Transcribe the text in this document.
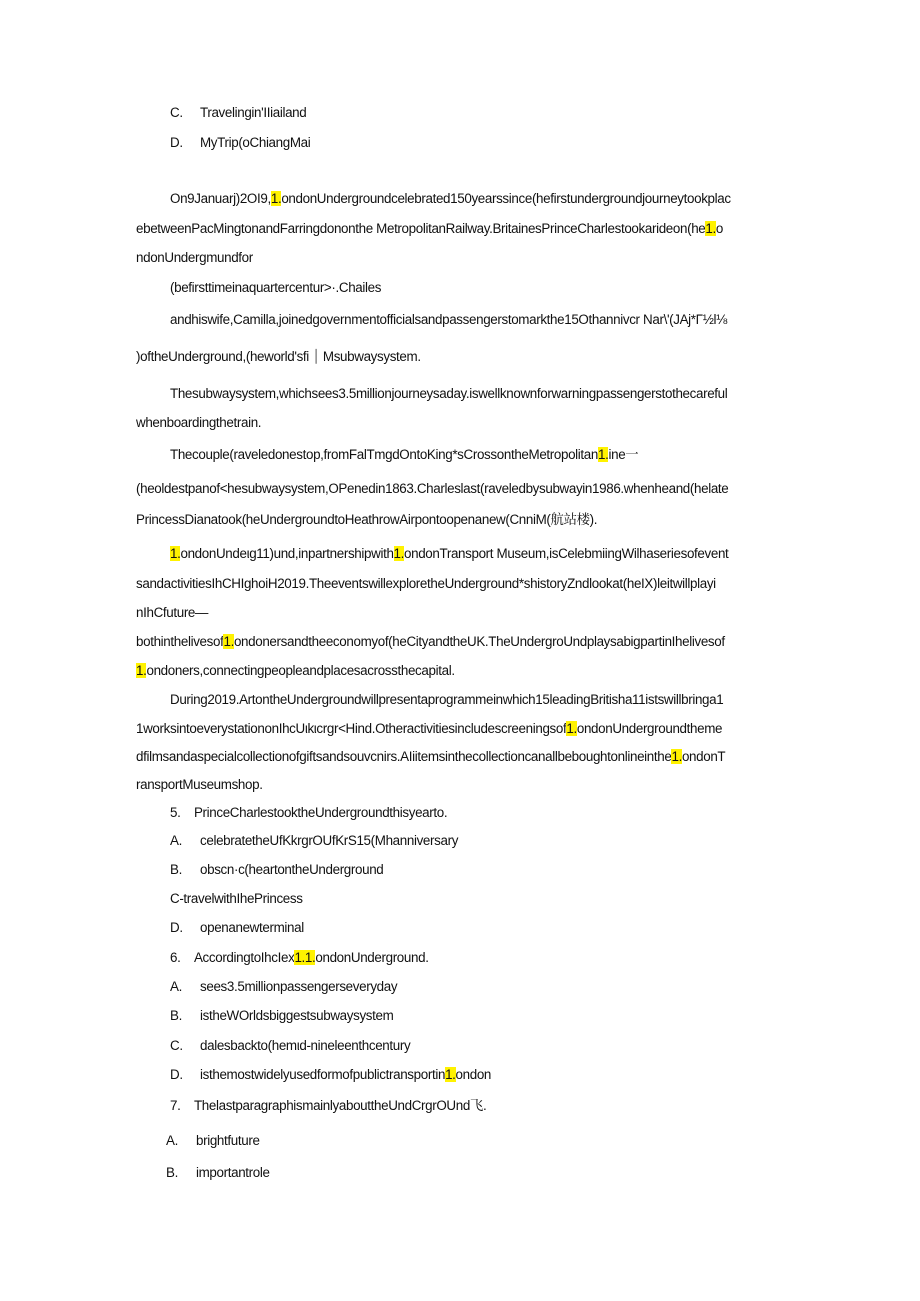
C. Travelingin'IIiailand
D. MyTrip(oChiangMai
On9Januarj)2OI9,1.ondonUndergroundcelebrated150yearssince(hefirstundergroundjourneytookplac
ebetweenPacMingtonandFarringdononthe MetropolitanRailway.BritainesPrinceCharlestookarideon(he1.o
ndonUndergmundfor
(befirsttimeinaquartercentur>·.Chailes
andhiswife,Camilla,joinedgovernmentofficialsandpassengerstomarkthe15Othannivcr Nar\'(JAj*Γ½l⅛
)oftheUnderground,(heworld'sfi ⏐ Msubwaysystem.
Thesubwaysystem,whichsees3.5millionjourneysaday.iswellknownforwarningpassengerstothecareful
whenboardingthetrain.
Thecouple(raveledonestop,fromFalTmgdOntoKing*sCrossontheMetropolitan1.ine一
(heoldestpanof<hesubwaysystem,OPenedin1863.Charleslast(raveledbysubwayin1986.whenheand(helate
PrincessDianatook(heUndergroundtoHeathrowAirpontoopenanew(CnniM(航站楼).
1.ondonUndeιg11)und,inpartnershipwith1.ondonTransport Museum,isCelebmiingWilhaseriesofevent
sandactivitiesIhCHIghoiH2019.TheeventswillexploretheUnderground*shistoryZndlookat(heIX)leitwillplayi
nIhCfuture—
bothinthelivesof1.ondonersandtheeconomyof(heCityandtheUK.TheUndergroUndplaysabigpartinIhelivesof
1.ondoners,connectingpeopleandplacesacrossthecapital.
During2019.ArtontheUndergroundwillpresentaprogrammeinwhich15leadingBritisha11istswillbringa1
1worksintoeverystationonIhcUιkιcrgr<Hind.Otheractivitiesincludescreeningsof1.ondonUndergroundtheme
dfilmsandaspecialcollectionofgiftsandsouvcnirs.AIiitemsinthecollectioncanallbeboughtonlineinthe1.ondonT
ransportMuseumshop.
5.    PrinceCharlestooktheUndergroundthisyearto.
A. celebratetheUfKkrgrOUfKrS15(Mhanniversary
B. obscn·c(heartontheUnderground
C-travelwithIhePrincess
D. openanewterminal
6.    AccordingtoIhcIex1.1.ondonUnderground.
A. sees3.5millionpassengerseveryday
B. istheWOrldsbiggestsubwaysystem
C. dalesbackto(hemιd-nineleenthcentury
D. isthemostwidelyusedformofpublictransportin1.ondon
7.    ThelastparagraphismainlyabouttheUndCrgrOUnd飞.
A. brightfuture
B. importantrole
